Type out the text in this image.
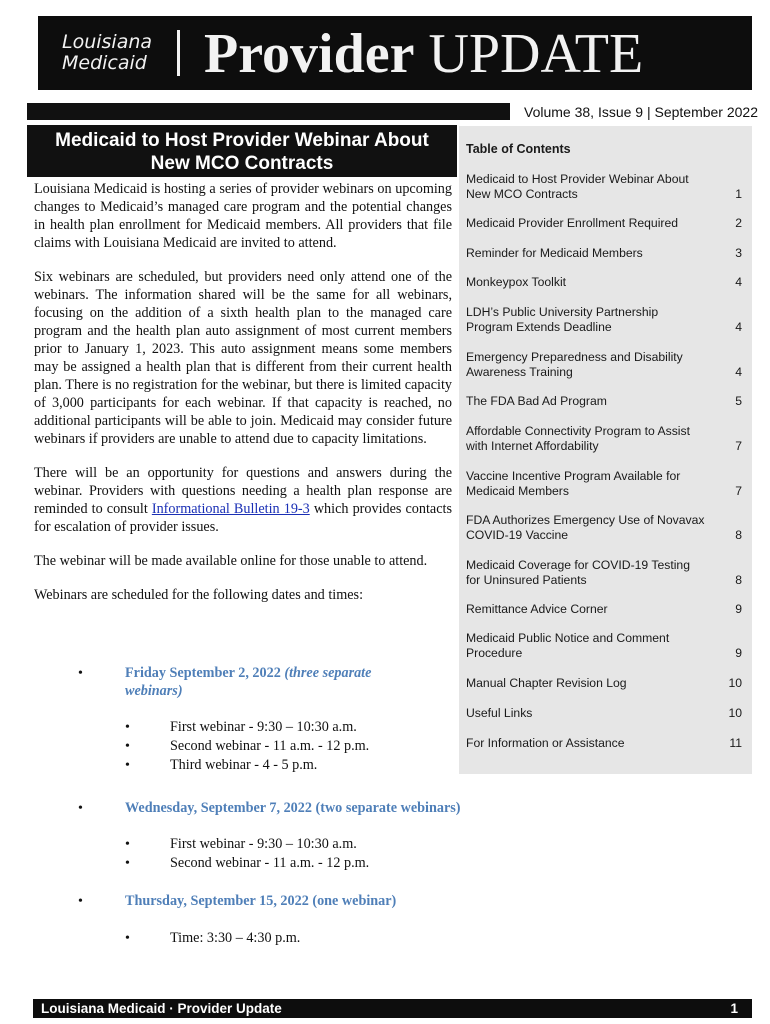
Louisiana
Medicaid Provider UPDATE
Volume 38, Issue 9 | September 2022
Medicaid to Host Provider Webinar About
New MCO Contracts

Louisiana Medicaid is hosting a series of provider webinars on upcoming changes to Medicaid’s managed care program and the potential changes in health plan enrollment for Medicaid members. All providers that file claims with Louisiana Medicaid are invited to attend.

Six webinars are scheduled, but providers need only attend one of the webinars. The information shared will be the same for all webinars, focusing on the addition of a sixth health plan to the managed care program and the health plan auto assignment of most current members prior to January 1, 2023. This auto assignment means some members may be assigned a health plan that is different from their current health plan. There is no registration for the webinar, but there is limited capacity of 3,000 participants for each webinar. If that capacity is reached, no additional participants will be able to join. Medicaid may consider future webinars if providers are unable to attend due to capacity limitations.

There will be an opportunity for questions and answers during the webinar. Providers with questions needing a health plan response are reminded to consult Informational Bulletin 19-3 which provides contacts for escalation of provider issues.

The webinar will be made available online for those unable to attend.

Webinars are scheduled for the following dates and times:

•	Friday September 2, 2022 (three separate webinars)
•	First webinar - 9:30 – 10:30 a.m.
•	Second webinar - 11 a.m. - 12 p.m.
•	Third webinar - 4 - 5 p.m.
•	Wednesday, September 7, 2022 (two separate webinars)
•	First webinar - 9:30 – 10:30 a.m.
•	Second webinar - 11 a.m. - 12 p.m.
•	Thursday, September 15, 2022 (one webinar)
•	Time: 3:30 – 4:30 p.m.
Table of Contents
Medicaid to Host Provider Webinar About New MCO Contracts	1
Medicaid Provider Enrollment Required	2
Reminder for Medicaid Members	3
Monkeypox Toolkit	4
LDH’s Public University Partnership Program Extends Deadline	4
Emergency Preparedness and Disability Awareness Training	4
The FDA Bad Ad Program	5
Affordable Connectivity Program to Assist with Internet Affordability	7
Vaccine Incentive Program Available for Medicaid Members	7
FDA Authorizes Emergency Use of Novavax COVID-19 Vaccine	8
Medicaid Coverage for COVID-19 Testing for Uninsured Patients	8
Remittance Advice Corner	9
Medicaid Public Notice and Comment Procedure	9
Manual Chapter Revision Log	10
Useful Links	10
For Information or Assistance	11
Louisiana Medicaid · Provider Update	1
